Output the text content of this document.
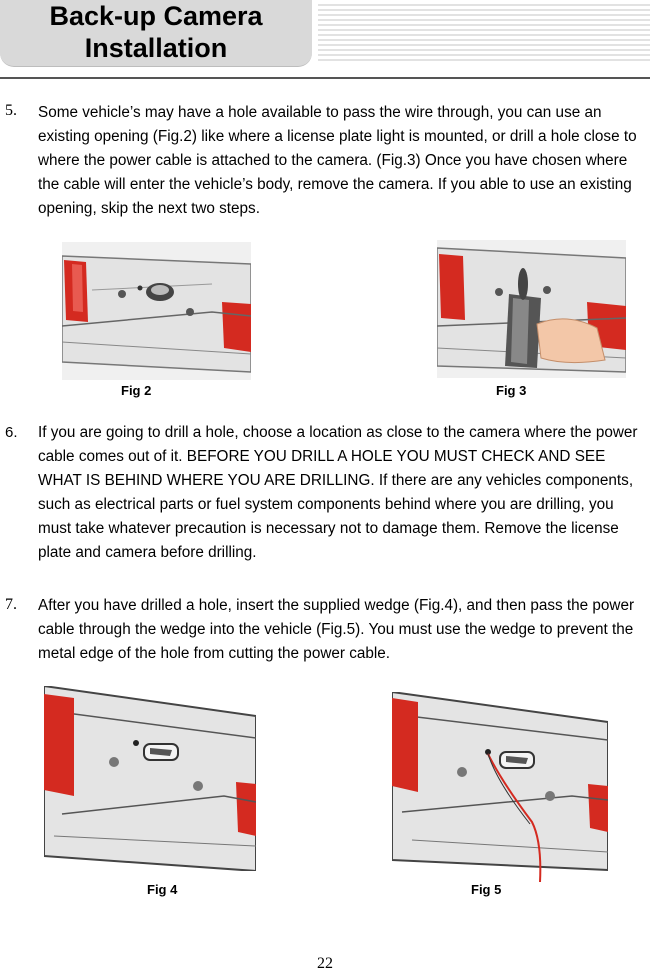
Back-up Camera
Installation
5. Some vehicle’s may have a hole available to pass the wire through, you can use an existing opening (Fig.2) like where a license plate light is mounted, or drill a hole close to where the power cable is attached to the camera. (Fig.3) Once you have chosen where the cable will enter the vehicle’s body, remove the camera. If you able to use an existing opening, skip the next two steps.

Fig 2	Fig 3
6. If you are going to drill a hole, choose a location as close to the camera where the power cable comes out of it. BEFORE YOU DRILL A HOLE YOU MUST CHECK AND SEE WHAT IS BEHIND WHERE YOU ARE DRILLING. If there are any vehicles components, such as electrical parts or fuel system components behind where you are drilling, you must take whatever precaution is necessary not to damage them. Remove the license plate and camera before drilling.

7. After you have drilled a hole, insert the supplied wedge (Fig.4), and then pass the power cable through the wedge into the vehicle (Fig.5). You must use the wedge to prevent the metal edge of the hole from cutting the power cable.

Fig 4	Fig 5
22
